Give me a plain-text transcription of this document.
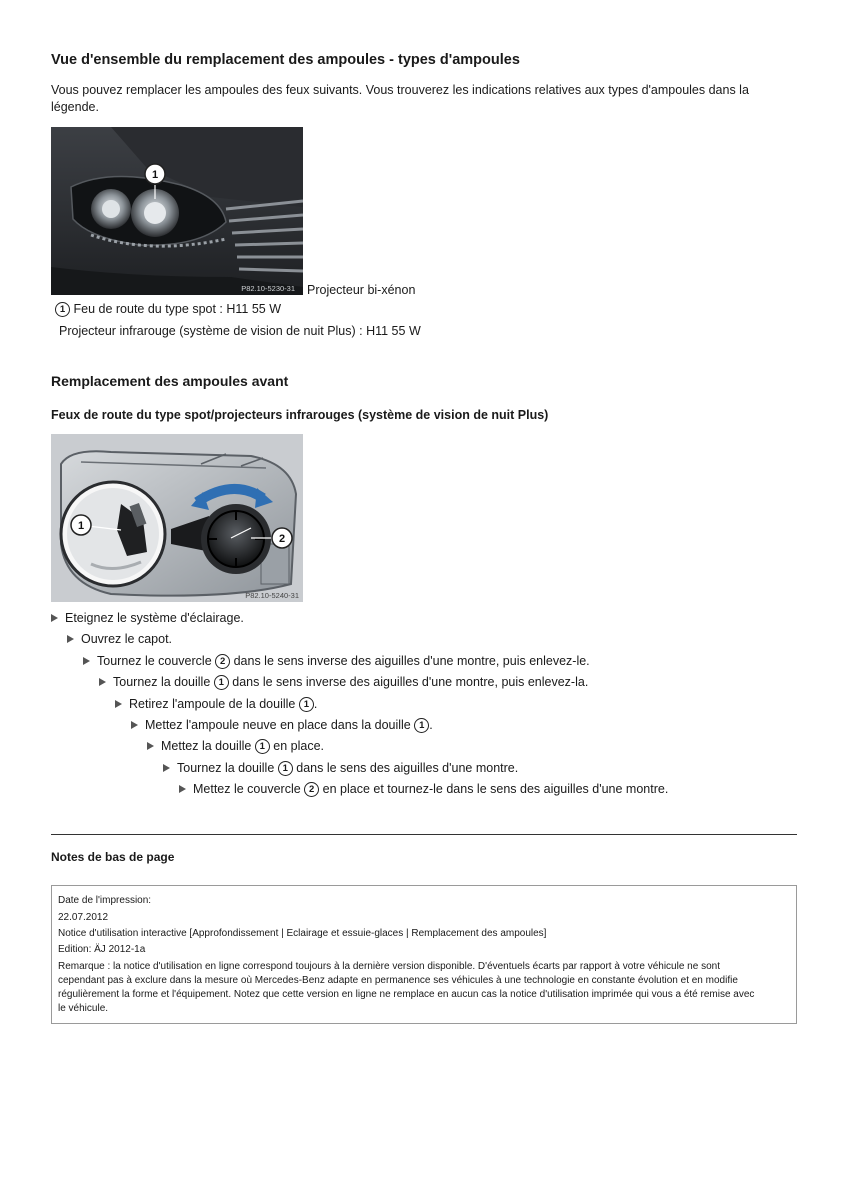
Vue d'ensemble du remplacement des ampoules - types d'ampoules
Vous pouvez remplacer les ampoules des feux suivants. Vous trouverez les indications relatives aux types d'ampoules dans la légende.
1
P82.10-5230-31 Projecteur bi-xénon
1 Feu de route du type spot : H11 55 W
Projecteur infrarouge (système de vision de nuit Plus) : H11 55 W
Remplacement des ampoules avant
Feux de route du type spot/projecteurs infrarouges (système de vision de nuit Plus)
1
2
P82.10-5240-31
Eteignez le système d'éclairage.
Ouvrez le capot.
Tournez le couvercle 2 dans le sens inverse des aiguilles d'une montre, puis enlevez-le.
Tournez la douille 1 dans le sens inverse des aiguilles d'une montre, puis enlevez-la.
Retirez l'ampoule de la douille 1 .
Mettez l'ampoule neuve en place dans la douille 1 .
Mettez la douille 1 en place.
Tournez la douille 1 dans le sens des aiguilles d'une montre.
Mettez le couvercle 2 en place et tournez-le dans le sens des aiguilles d'une montre.
Notes de bas de page
Date de l'impression:
22.07.2012
Notice d'utilisation interactive [Approfondissement | Eclairage et essuie-glaces | Remplacement des ampoules]
Edition: ÄJ 2012-1a
Remarque : la notice d'utilisation en ligne correspond toujours à la dernière version disponible. D'éventuels écarts par rapport à votre véhicule ne sont
cependant pas à exclure dans la mesure où Mercedes-Benz adapte en permanence ses véhicules à une technologie en constante évolution et en modifie
régulièrement la forme et l'équipement. Notez que cette version en ligne ne remplace en aucun cas la notice d'utilisation imprimée qui vous a été remise avec
le véhicule.
